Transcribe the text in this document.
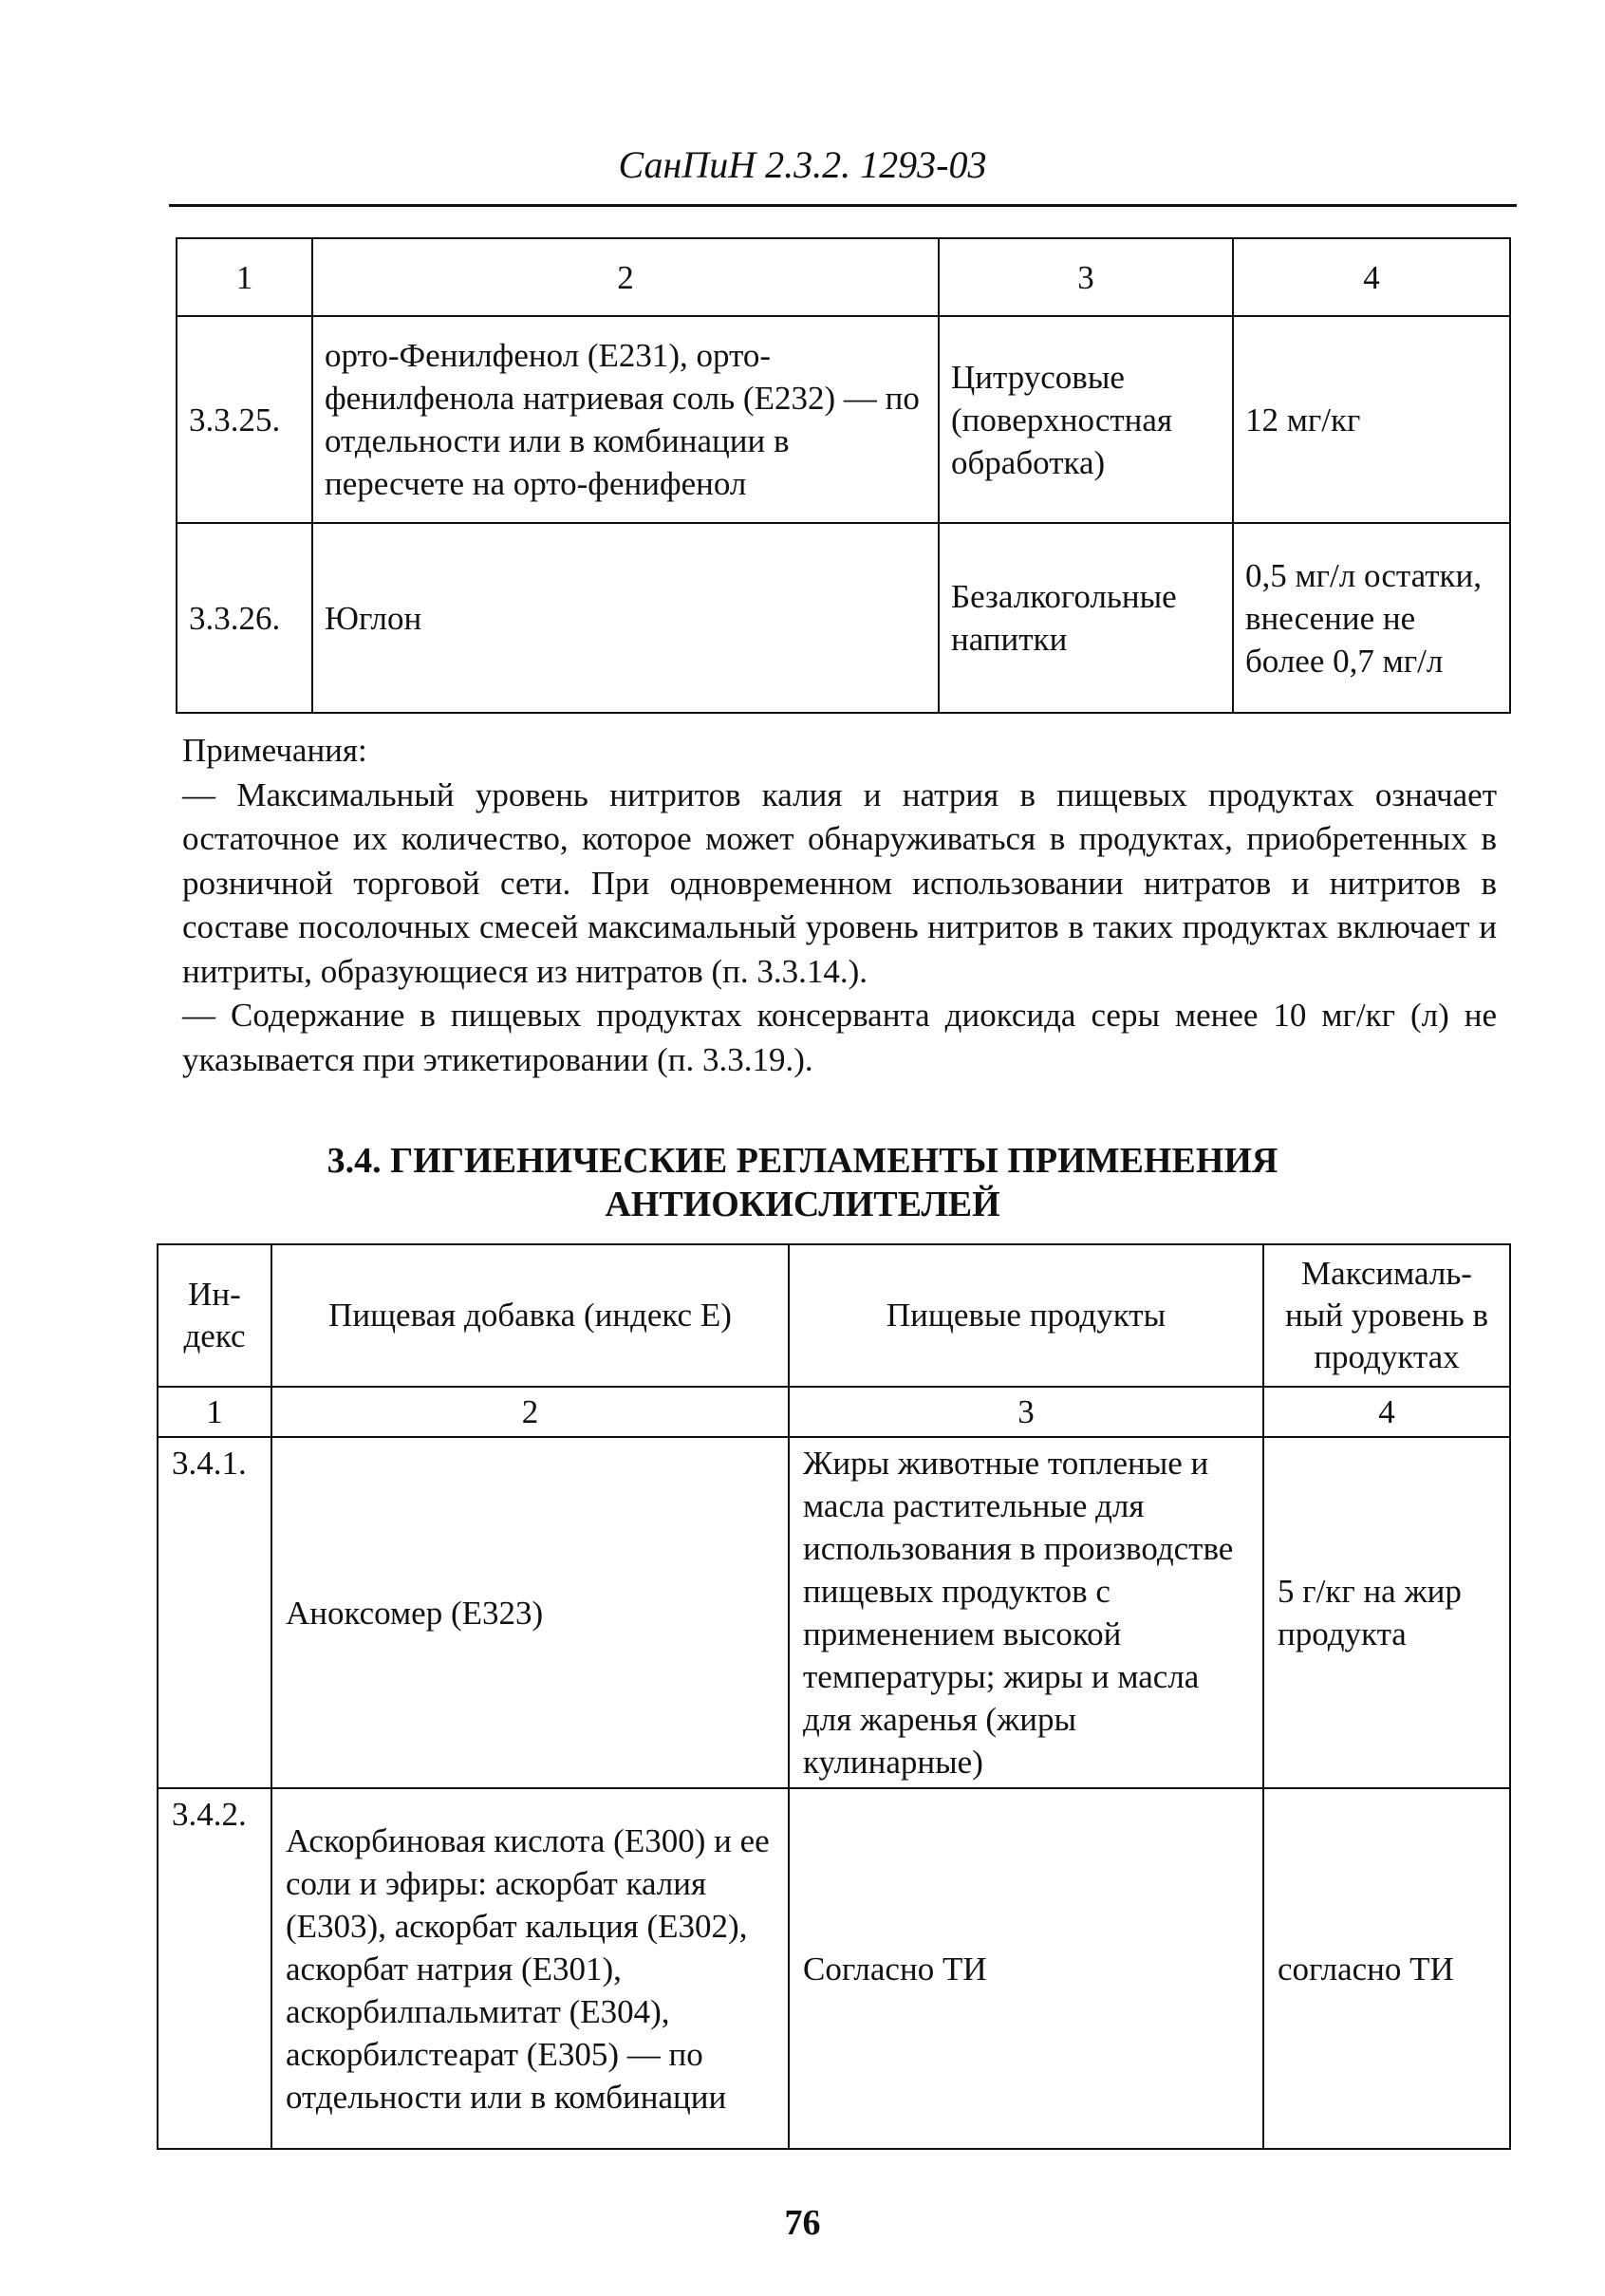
СанПиН 2.3.2. 1293-03
1	2	3	4
3.3.25.	орто-Фенилфенол (Е231), орто-фенилфенола натриевая соль (Е232) — по отдельности или в комбинации в пересчете на орто-фенифенол	Цитрусовые (поверхностная обработка)	12 мг/кг
3.3.26.	Юглон	Безалкогольные напитки	0,5 мг/л остатки, внесение не более 0,7 мг/л

Примечания:

— Максимальный уровень нитритов калия и натрия в пищевых продуктах означает остаточное их количество, которое может обнаруживаться в продуктах, приобретенных в розничной торговой сети. При одновременном использовании нитратов и нитритов в составе посолочных смесей максимальный уровень нитритов в таких продуктах включает и нитриты, образующиеся из нитратов (п. 3.3.14.).

— Содержание в пищевых продуктах консерванта диоксида серы менее 10 мг/кг (л) не указывается при этикетировании (п. 3.3.19.).

3.4. ГИГИЕНИЧЕСКИЕ РЕГЛАМЕНТЫ ПРИМЕНЕНИЯ
АНТИОКИСЛИТЕЛЕЙ
Ин-декс	Пищевая добавка (индекс Е)	Пищевые продукты	Максималь-ный уровень в продуктах
1	2	3	4
3.4.1.	Аноксомер (Е323)	Жиры животные топленые и масла растительные для использования в производстве пищевых продуктов с применением высокой температуры; жиры и масла для жаренья (жиры кулинарные)	5 г/кг на жир продукта
3.4.2.	Аскорбиновая кислота (Е300) и ее соли и эфиры: аскорбат калия (Е303), аскорбат кальция (Е302), аскорбат натрия (Е301), аскорбилпальмитат (Е304), аскорбилстеарат (Е305) — по отдельности или в комбинации	Согласно ТИ	согласно ТИ
76
